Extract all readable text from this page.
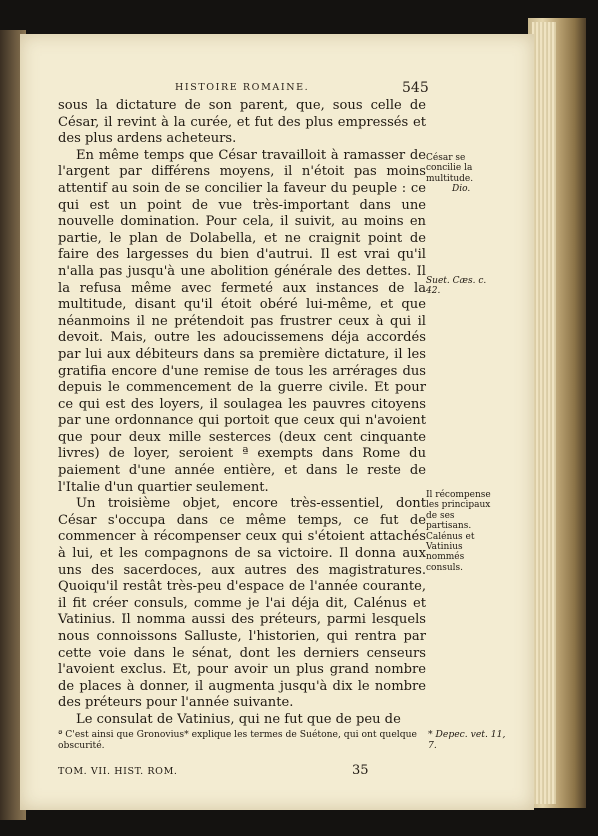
HISTOIRE ROMAINE.	545

sous la dictature de son parent, que, sous celle de César, il revint à la curée, et fut des plus empressés et des plus ardens acheteurs.

En même temps que César travailloit à ramasser de l'argent par différens moyens, il n'étoit pas moins attentif au soin de se concilier la faveur du peuple : ce qui est un point de vue très-important dans une nouvelle domination. Pour cela, il suivit, au moins en partie, le plan de Dolabella, et ne craignit point de faire des largesses du bien d'autrui. Il est vrai qu'il n'alla pas jusqu'à une abolition générale des dettes. Il la refusa même avec fermeté aux instances de la multitude, disant qu'il étoit obéré lui-même, et que néanmoins il ne prétendoit pas frustrer ceux à qui il devoit. Mais, outre les adoucissemens déja accordés par lui aux débiteurs dans sa première dictature, il les gratifia encore d'une remise de tous les arrérages dus depuis le commencement de la guerre civile. Et pour ce qui est des loyers, il soulagea les pauvres citoyens par une ordonnance qui portoit que ceux qui n'avoient que pour deux mille sesterces (deux cent cinquante livres) de loyer, seroient ª exempts dans Rome du paiement d'une année entière, et dans le reste de l'Italie d'un quartier seulement.

Un troisième objet, encore très-essentiel, dont César s'occupa dans ce même temps, ce fut de commencer à récompenser ceux qui s'étoient attachés à lui, et les compagnons de sa victoire. Il donna aux uns des sacerdoces, aux autres des magistratures. Quoiqu'il restât très-peu d'espace de l'année courante, il fit créer consuls, comme je l'ai déja dit, Calénus et Vatinius. Il nomma aussi des préteurs, parmi lesquels nous connoissons Salluste, l'historien, qui rentra par cette voie dans le sénat, dont les derniers censeurs l'avoient exclus. Et, pour avoir un plus grand nombre de places à donner, il augmenta jusqu'à dix le nombre des préteurs pour l'année suivante.

Le consulat de Vatinius, qui ne fut que de peu de

César se concilie la multitude.
Dio.
Suet. Cæs. c. 42.
Il récompense les principaux de ses partisans. Calénus et Vatinius nommés consuls.
ª C'est ainsi que Gronovius* explique les termes de Suétone, qui ont quelque obscurité.
* Depec. vet. 11, 7.
TOM. VII. HIST. ROM.	35
